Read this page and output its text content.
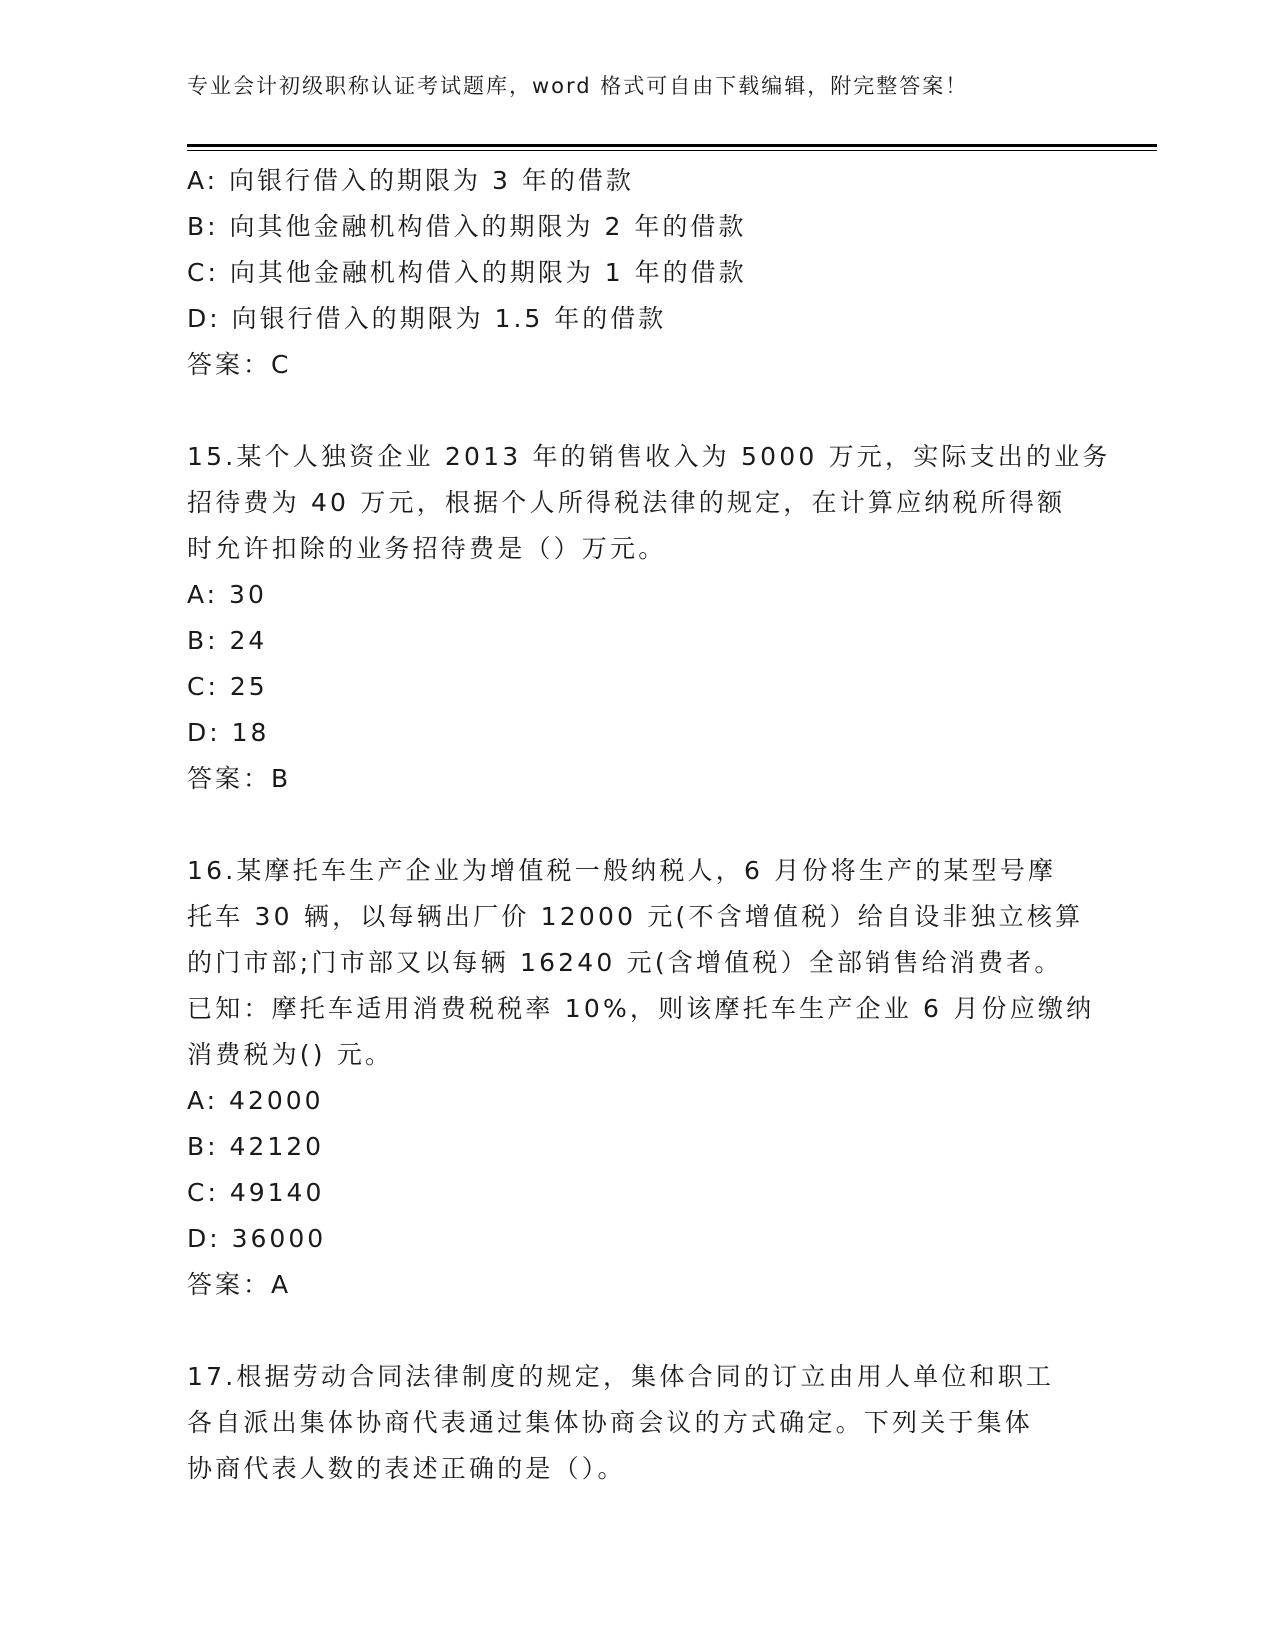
专业会计初级职称认证考试题库，word 格式可自由下载编辑，附完整答案！
A: 向银行借入的期限为 3 年的借款
B: 向其他金融机构借入的期限为 2 年的借款
C: 向其他金融机构借入的期限为 1 年的借款
D: 向银行借入的期限为 1.5 年的借款
答案：C
15.某个人独资企业 2013 年的销售收入为 5000 万元，实际支出的业务
招待费为 40 万元，根据个人所得税法律的规定，在计算应纳税所得额
时允许扣除的业务招待费是（）万元。
A: 30
B: 24
C: 25
D: 18
答案：B
16.某摩托车生产企业为增值税一般纳税人，6 月份将生产的某型号摩
托车 30 辆，以每辆出厂价 12000 元(不含增值税）给自设非独立核算
的门市部;门市部又以每辆 16240 元(含增值税）全部销售给消费者。
已知：摩托车适用消费税税率 10%，则该摩托车生产企业 6 月份应缴纳
消费税为() 元。
A: 42000
B: 42120
C: 49140
D: 36000
答案：A
17.根据劳动合同法律制度的规定，集体合同的订立由用人单位和职工
各自派出集体协商代表通过集体协商会议的方式确定。下列关于集体
协商代表人数的表述正确的是（）。
